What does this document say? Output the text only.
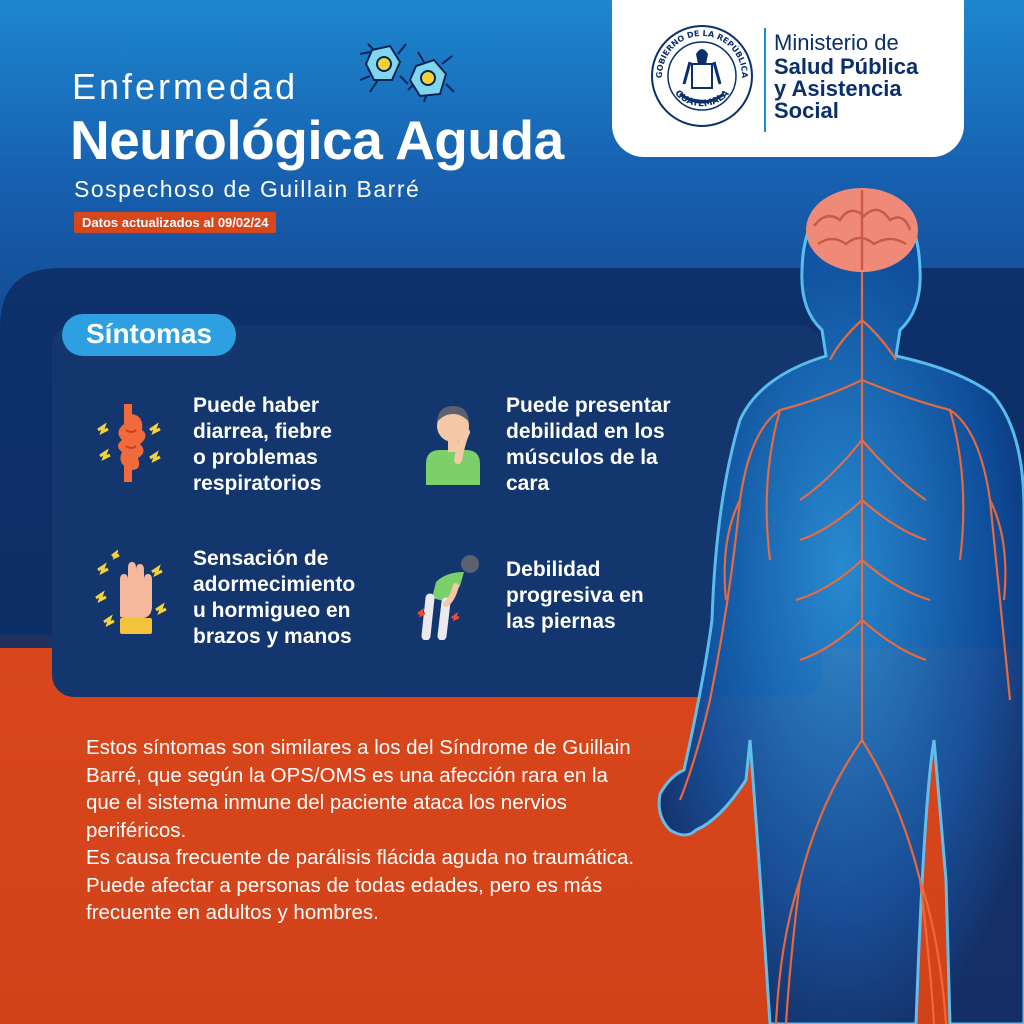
Enfermedad
Neurológica Aguda
Sospechoso de Guillain Barré
Datos actualizados al 09/02/24
GOBIERNO DE LA REPÚBLICA
GUATEMALA
Ministerio de
Salud Pública
y Asistencia
Social
Síntomas
Puede haber
diarrea, fiebre
o problemas
respiratorios
Puede presentar
debilidad en los
músculos de la
cara
Sensación de
adormecimiento
u hormigueo en
brazos y manos
Debilidad
progresiva en
las piernas

Estos síntomas son similares a los del Síndrome de Guillain Barré, que según la OPS/OMS es una afección rara en la que el sistema inmune del paciente ataca los nervios periféricos.

Es causa frecuente de parálisis flácida aguda no traumática. Puede afectar a personas de todas edades, pero es más frecuente en adultos y hombres.
